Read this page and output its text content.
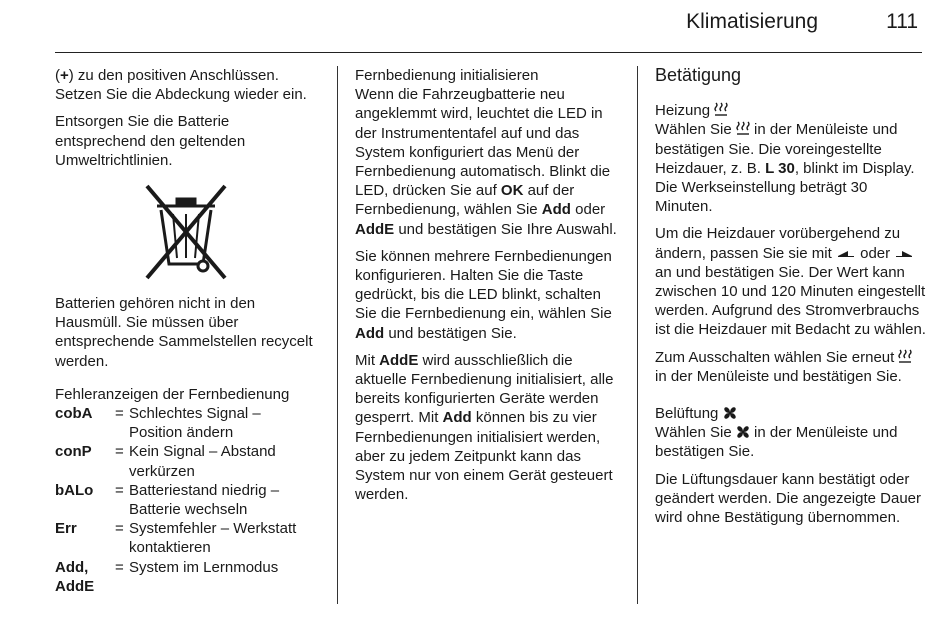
Klimatisierung	111

(+) zu den positiven Anschlüssen. Setzen Sie die Abdeckung wieder ein.

Entsorgen Sie die Batterie entsprechend den geltenden Umweltrichtlinien.

Batterien gehören nicht in den Hausmüll. Sie müssen über entsprechende Sammelstellen recycelt werden.

Fehleranzeigen der Fernbedienung
cobA	=	Schlechtes Signal – Position ändern
conP	=	Kein Signal – Abstand verkürzen
bALo	=	Batteriestand niedrig – Batterie wechseln
Err	=	Systemfehler – Werkstatt kontaktieren
Add, AddE	=	System im Lernmodus
Fernbedienung initialisieren

Wenn die Fahrzeugbatterie neu angeklemmt wird, leuchtet die LED in der Instrumententafel auf und das System konfiguriert das Menü der Fernbedienung automatisch. Blinkt die LED, drücken Sie auf OK auf der Fernbedienung, wählen Sie Add oder AddE und bestätigen Sie Ihre Auswahl.

Sie können mehrere Fernbedienungen konfigurieren. Halten Sie die Taste gedrückt, bis die LED blinkt, schalten Sie die Fernbedienung ein, wählen Sie Add und bestätigen Sie.

Mit AddE wird ausschließlich die aktuelle Fernbedienung initialisiert, alle bereits konfigurierten Geräte werden gesperrt. Mit Add können bis zu vier Fernbedienungen initialisiert werden, aber zu jedem Zeitpunkt kann das System nur von einem Gerät gesteuert werden.

Betätigung
Heizung

Wählen Sie  in der Menüleiste und bestätigen Sie. Die voreingestellte Heizdauer, z. B. L 30, blinkt im Display. Die Werkseinstellung beträgt 30 Minuten.

Um die Heizdauer vorübergehend zu ändern, passen Sie sie mit  oder  an und bestätigen Sie. Der Wert kann zwischen 10 und 120 Minuten eingestellt werden. Aufgrund des Stromverbrauchs ist die Heizdauer mit Bedacht zu wählen.

Zum Ausschalten wählen Sie erneut  in der Menüleiste und bestätigen Sie.

Belüftung

Wählen Sie  in der Menüleiste und bestätigen Sie.

Die Lüftungsdauer kann bestätigt oder geändert werden. Die angezeigte Dauer wird ohne Bestätigung übernommen.
